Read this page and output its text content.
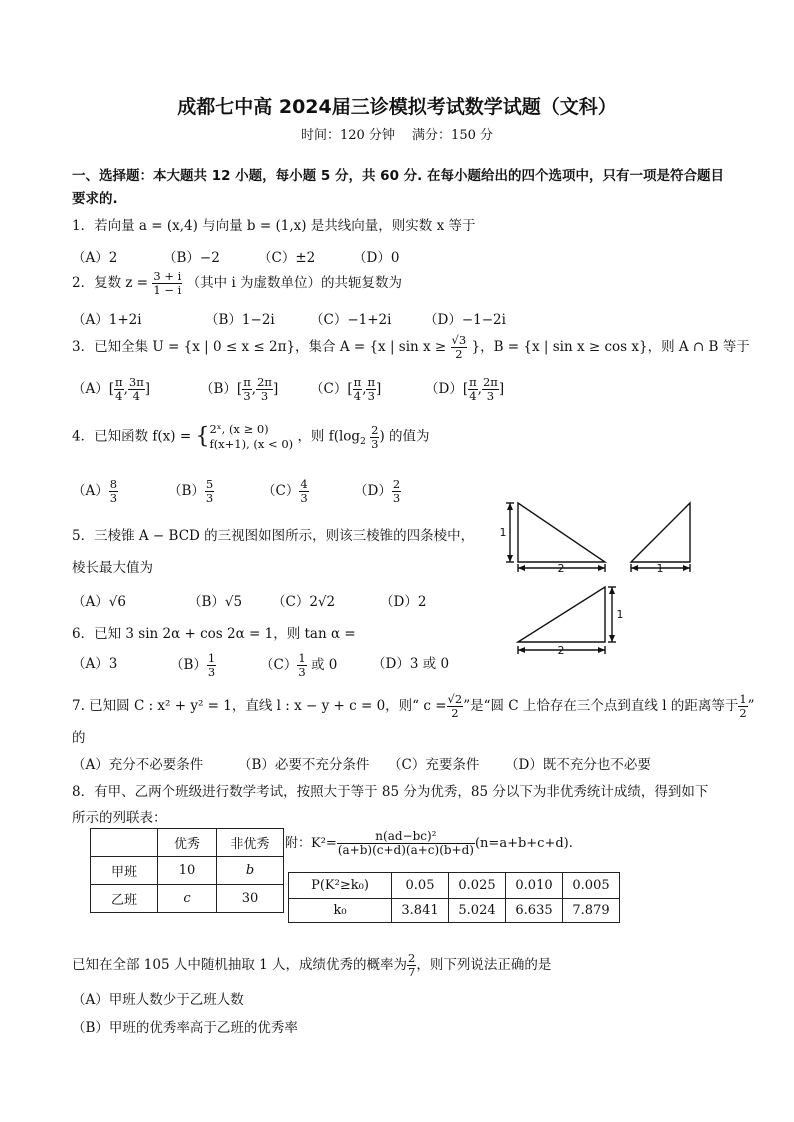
成都七中高 2024届三诊模拟考试数学试题（文科）
时间：120 分钟　 满分：150 分
一、选择题：本大题共 12 小题，每小题 5 分，共 60 分. 在每小题给出的四个选项中，只有一项是符合题目
要求的.
1．若向量 a = (x,4) 与向量 b = (1,x) 是共线向量，则实数 x 等于
（A）2	（B）−2	（C）±2	（D）0
2．复数 $z = \frac{3 + i}{1 - i}$ （其中 i 为虚数单位）的共轭复数为
（A）1+2i	（B）1−2i	（C）−1+2i （D）−1−2i
3．已知全集 U = {x | 0 ≤ x ≤ 2π}，集合 A = {x | $\sin x \ge \frac{√3}{2}$ }，B = {x | sin x ≥ cos x}，则 A ∩ B 等于
$(A)[ \frac{\pi}{4}$ , $\frac{3\pi}{4}$ ]	$(B)[ \frac{\pi}{3}$ , $\frac{2\pi}{3}$ ] $(C)[ \frac{\pi}{4}$ , $\frac{\pi}{3}$ ]	$(D)[ \frac{\pi}{4}$ , $\frac{2\pi}{3}$ ]
4．已知函数 f(x) = { 2ˣ, (x ≥ 0)
f(x+1), (x < 0) ，则 $f(\log_2 \frac{2}{3}$ ) 的值为
$(A) \frac{8}{3}$	$(B) \frac{5}{3}$	$(C) \frac{4}{3}$	$(D) \frac{2}{3}$
5．三棱锥 A − BCD 的三视图如图所示，则该三棱锥的四条棱中，
棱长最大值为
（A）√6	（B）√5 （C）2√2	（D）2
1
2	1
1
2
6．已知 3 sin 2α + cos 2α = 1，则 tan α =
（A）3	$(B) \frac{1}{3}$	$(C) \frac{1}{3}$ 或 0	（D）3 或 0
7. 已知圆 C : x² + y² = 1，直线 l : x − y + c = 0，则“ $c = \frac{√2}{2}$ ”是“圆 C 上恰存在三个点到直线 l 的距离等于 $\frac{1}{2}$ ”
的
（A）充分不必要条件	（B）必要不充分条件 （C）充要条件 （D）既不充分也不必要
8．有甲、乙两个班级进行数学考试，按照大于等于 85 分为优秀，85 分以下为非优秀统计成绩，得到如下
所示的列联表：
	优秀	非优秀
甲班	10	b
乙班	c	30
附：$K^2= \frac{\text{n(ad−bc)²}}{(a+b)(c+d)(a+c)(b+d)} (n=a+b+c+d)$.
P(K²≥k₀)	0.05	0.025	0.010	0.005
k₀	3.841	5.024	6.635	7.879
已知在全部 105 人中随机抽取 1 人，成绩优秀的概率为 $\frac{2}{7}$ ，则下列说法正确的是
（A）甲班人数少于乙班人数
（B）甲班的优秀率高于乙班的优秀率
